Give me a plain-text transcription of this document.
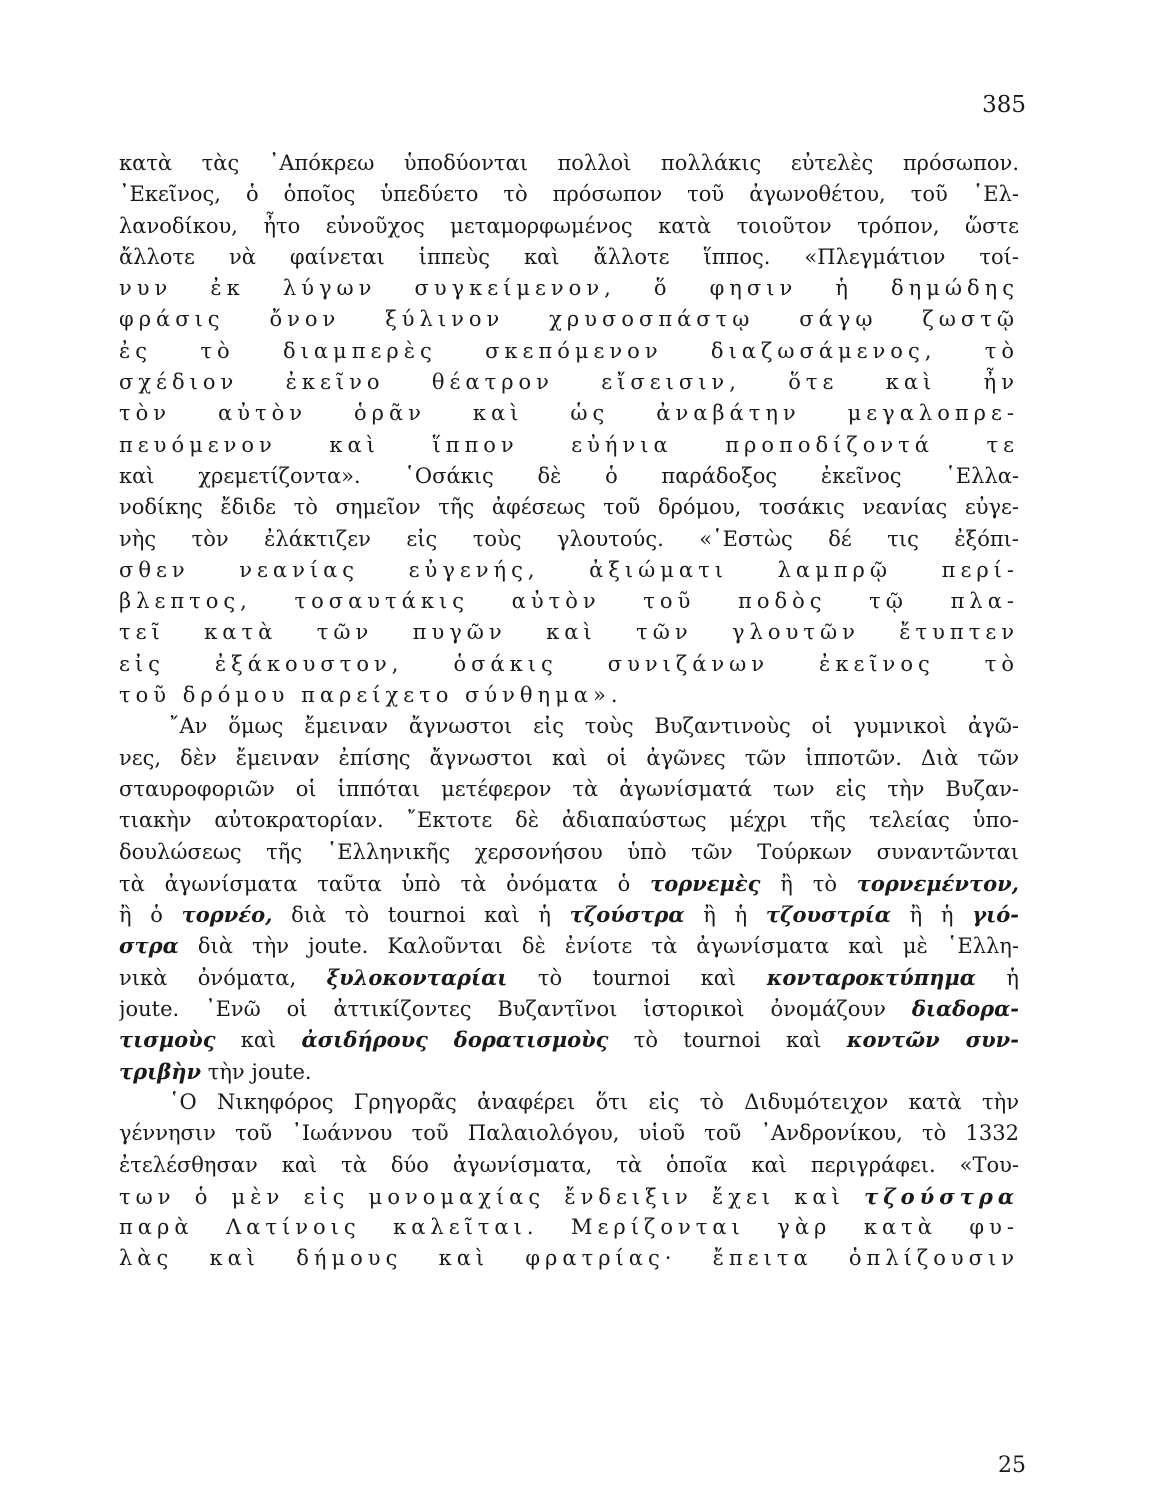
385
κατὰ τὰς ᾿Απόκρεω ὑποδύονται πολλοὶ πολλάκις εὐτελὲς πρόσωπον.
᾿Εκεῖνος, ὁ ὁποῖος ὑπεδύετο τὸ πρόσωπον τοῦ ἀγωνοθέτου, τοῦ ῾Ελ-
λανοδίκου, ἦτο εὐνοῦχος μεταμορφωμένος κατὰ τοιοῦτον τρόπον, ὥστε
ἄλλοτε νὰ φαίνεται ἱππεὺς καὶ ἄλλοτε ἵππος. «Πλεγμάτιον τοί-
νυν ἐκ λύγων συγκείμενον, ὅ φησιν ἡ δημώδης
φράσις ὄνον ξύλινον χρυσοσπάστῳ σάγῳ ζωστῷ
ἐς τὸ διαμπερὲς σκεπόμενον διαζωσάμενος, τὸ
σχέδιον ἐκεῖνο θέατρον εἴσεισιν, ὅτε καὶ ἦν
τὸν αὐτὸν ὁρᾶν καὶ ὡς ἀναβάτην μεγαλοπρε-
πευόμενον καὶ ἵππον εὐήνια προποδίζοντά τε
καὶ χρεμετίζοντα». ῾Οσάκις δὲ ὁ παράδοξος ἐκεῖνος ῾Ελλα-
νοδίκης ἔδιδε τὸ σημεῖον τῆς ἀφέσεως τοῦ δρόμου, τοσάκις νεανίας εὐγε-
νὴς τὸν ἐλάκτιζεν εἰς τοὺς γλουτούς. «῾Εστὼς δέ τις ἐξόπι-
σθεν νεανίας εὐγενής, ἀξιώματι λαμπρῷ περί-
βλεπτος, τοσαυτάκις αὐτὸν τοῦ ποδὸς τῷ πλα-
τεῖ κατὰ τῶν πυγῶν καὶ τῶν γλουτῶν ἔτυπτεν
εἰς ἐξάκουστον, ὁσάκις συνιζάνων ἐκεῖνος τὸ
τοῦ δρόμου παρείχετο σύνθημα».
῎Αν ὅμως ἔμειναν ἄγνωστοι εἰς τοὺς Βυζαντινοὺς οἱ γυμνικοὶ ἀγῶ-
νες, δὲν ἔμειναν ἐπίσης ἄγνωστοι καὶ οἱ ἀγῶνες τῶν ἱπποτῶν. Διὰ τῶν
σταυροφοριῶν οἱ ἱππόται μετέφερον τὰ ἀγωνίσματά των εἰς τὴν Βυζαν-
τιακὴν αὐτοκρατορίαν. ῎Εκτοτε δὲ ἀδιαπαύστως μέχρι τῆς τελείας ὑπο-
δουλώσεως τῆς ῾Ελληνικῆς χερσονήσου ὑπὸ τῶν Τούρκων συναντῶνται
τὰ ἀγωνίσματα ταῦτα ὑπὸ τὰ ὀνόματα ὁ τορνεμὲς ἢ τὸ τορνεμέντον,
ἢ ὁ τορνέο, διὰ τὸ tournoi καὶ ἡ τζούστρα ἢ ἡ τζουστρία ἢ ἡ γιό-
στρα διὰ τὴν joute. Καλοῦνται δὲ ἐνίοτε τὰ ἀγωνίσματα καὶ μὲ ῾Ελλη-
νικὰ ὀνόματα, ξυλοκονταρίαι τὸ tournoi καὶ κονταροκτύπημα ἡ
joute. ᾿Ενῶ οἱ ἀττικίζοντες Βυζαντῖνοι ἱστορικοὶ ὀνομάζουν διαδορα-
τισμοὺς καὶ ἀσιδήρους δορατισμοὺς τὸ tournoi καὶ κοντῶν συν-
τριβὴν τὴν joute.
῾Ο Νικηφόρος Γρηγορᾶς ἀναφέρει ὅτι εἰς τὸ Διδυμότειχον κατὰ τὴν
γέννησιν τοῦ ᾿Ιωάννου τοῦ Παλαιολόγου, υἱοῦ τοῦ ᾿Ανδρονίκου, τὸ 1332
ἐτελέσθησαν καὶ τὰ δύο ἀγωνίσματα, τὰ ὁποῖα καὶ περιγράφει. «Του-
των ὁ μὲν εἰς μονομαχίας ἔνδειξιν ἔχει καὶ τζούστρα
παρὰ Λατίνοις καλεῖται. Μερίζονται γὰρ κατὰ φυ-
λὰς καὶ δήμους καὶ φρατρίας· ἔπειτα ὁπλίζουσιν
25
